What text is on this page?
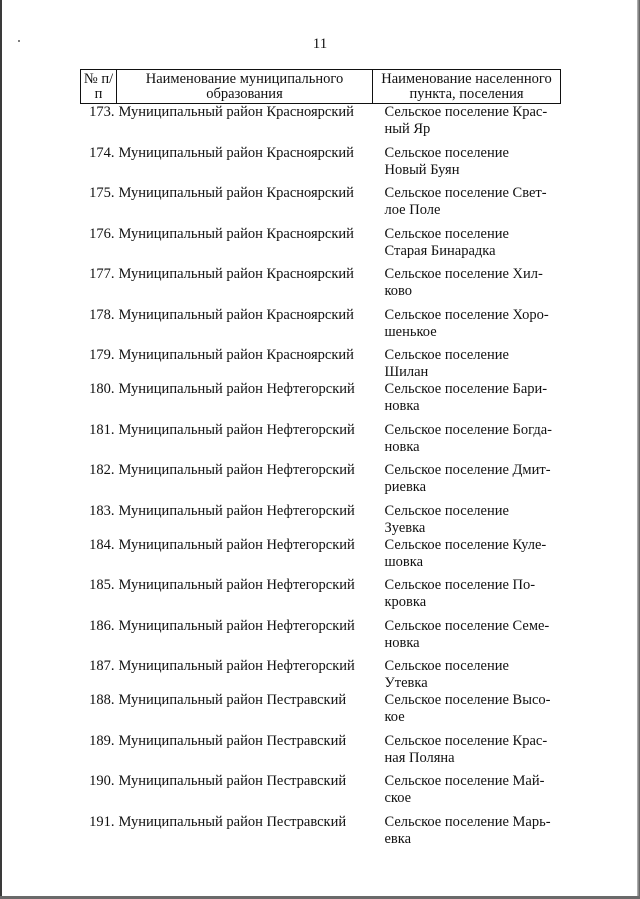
11
№ п/п	Наименование муниципального образования	Наименование населенного пункта, поселения
173.	Муниципальный район Красноярский	Сельское поселение Крас-ный Яр
174.	Муниципальный район Красноярский	Сельское поселение Новый Буян
175.	Муниципальный район Красноярский	Сельское поселение Свет-лое Поле
176.	Муниципальный район Красноярский	Сельское поселение Старая Бинарадка
177.	Муниципальный район Красноярский	Сельское поселение Хил-ково
178.	Муниципальный район Красноярский	Сельское поселение Хоро-шенькое
179.	Муниципальный район Красноярский	Сельское поселение Шилан
180.	Муниципальный район Нефтегорский	Сельское поселение Бари-новка
181.	Муниципальный район Нефтегорский	Сельское поселение Богда-новка
182.	Муниципальный район Нефтегорский	Сельское поселение Дмит-риевка
183.	Муниципальный район Нефтегорский	Сельское поселение Зуевка
184.	Муниципальный район Нефтегорский	Сельское поселение Куле-шовка
185.	Муниципальный район Нефтегорский	Сельское поселение По-кровка
186.	Муниципальный район Нефтегорский	Сельское поселение Семе-новка
187.	Муниципальный район Нефтегорский	Сельское поселение Утевка
188.	Муниципальный район Пестравский	Сельское поселение Высо-кое
189.	Муниципальный район Пестравский	Сельское поселение Крас-ная Поляна
190.	Муниципальный район Пестравский	Сельское поселение Май-ское
191.	Муниципальный район Пестравский	Сельское поселение Марь-евка
